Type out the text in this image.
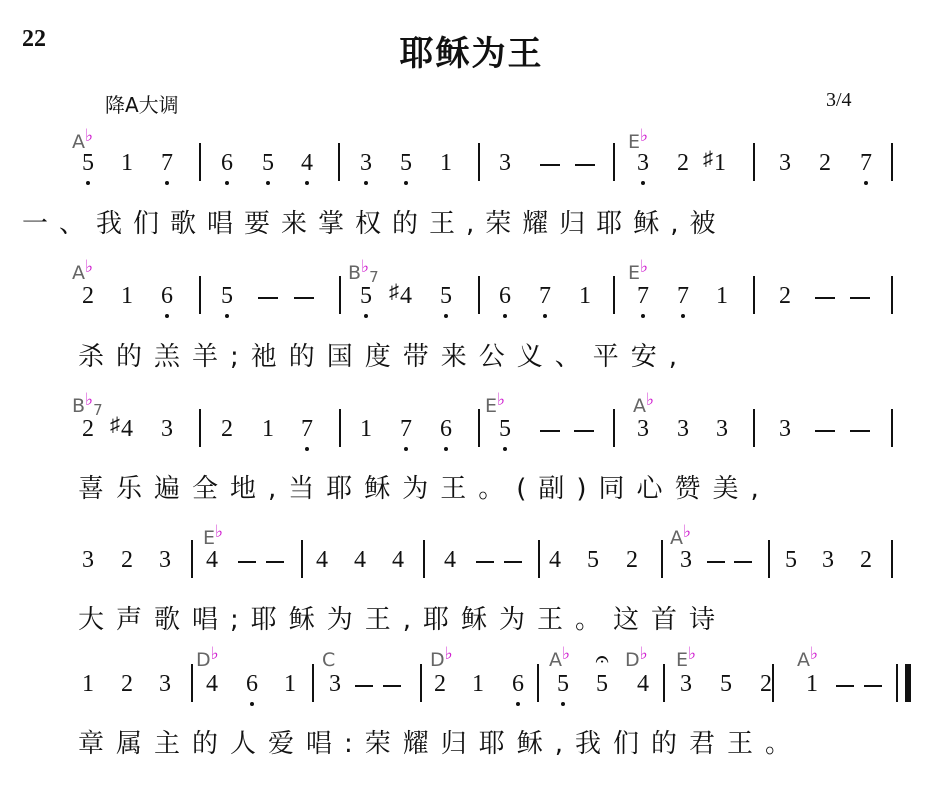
22	耶稣为王
降A大调	3/4
5 1 7 6 5 4 3 5 1 3	3 2 ♯ 1 3 2 7
A♭	E♭
一、我们歌唱要来掌权的王,荣耀归耶稣,被
2 1 6 5	5 ♯ 4 5 6 7 1 7 7 1 2
A♭	B♭7	E♭
杀的羔羊;祂的国度带来公义、平安,
2 ♯ 4 3 2 1 7 1 7 6 5	3 3 3 3
B♭7	E♭	A♭
喜乐遍全地,当耶稣为王。(副)同心赞美,
3 2 3 4	4 4 4 4	4 5 2 3	5 3 2
E♭	A♭
大声歌唱;耶稣为王,耶稣为王。这首诗
1 2 3 4 6 1 3	2 1 6 5 5 4 3 5 2 1
D♭	C	D♭	A♭	D♭ E♭	A♭
章属主的人爱唱:荣耀归耶稣,我们的君王。
𝄐
